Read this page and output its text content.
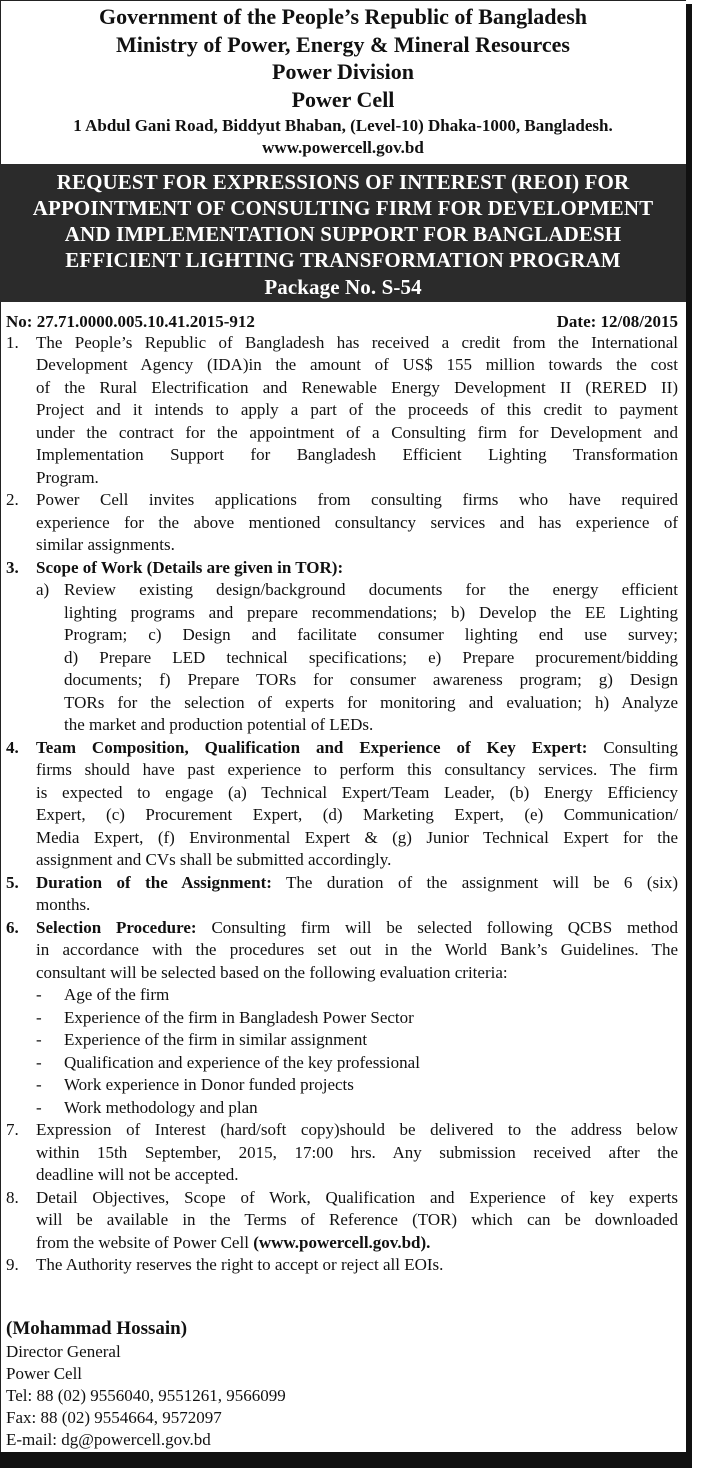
Government of the People’s Republic of Bangladesh
Ministry of Power, Energy & Mineral Resources
Power Division
Power Cell
1 Abdul Gani Road, Biddyut Bhaban, (Level-10) Dhaka-1000, Bangladesh.
www.powercell.gov.bd
REQUEST FOR EXPRESSIONS OF INTEREST (REOI) FOR
APPOINTMENT OF CONSULTING FIRM FOR DEVELOPMENT
AND IMPLEMENTATION SUPPORT FOR BANGLADESH
EFFICIENT LIGHTING TRANSFORMATION PROGRAM
Package No. S-54
No: 27.71.0000.005.10.41.2015-912	Date: 12/08/2015
1. The People’s Republic of Bangladesh has received a credit from the International
Development Agency (IDA)in the amount of US$ 155 million towards the cost
of the Rural Electrification and Renewable Energy Development II (RERED II)
Project and it intends to apply a part of the proceeds of this credit to payment
under the contract for the appointment of a Consulting firm for Development and
Implementation Support for Bangladesh Efficient Lighting Transformation
Program.
2. Power Cell invites applications from consulting firms who have required
experience for the above mentioned consultancy services and has experience of
similar assignments.
3. Scope of Work (Details are given in TOR):
a) Review existing design/background documents for the energy efficient
lighting programs and prepare recommendations; b) Develop the EE Lighting
Program; c) Design and facilitate consumer lighting end use survey;
d) Prepare LED technical specifications; e) Prepare procurement/bidding
documents; f) Prepare TORs for consumer awareness program; g) Design
TORs for the selection of experts for monitoring and evaluation; h) Analyze
the market and production potential of LEDs.
4. Team Composition, Qualification and Experience of Key Expert: Consulting
firms should have past experience to perform this consultancy services. The firm
is expected to engage (a) Technical Expert/Team Leader, (b) Energy Efficiency
Expert, (c) Procurement Expert, (d) Marketing Expert, (e) Communication/
Media Expert, (f) Environmental Expert & (g) Junior Technical Expert for the
assignment and CVs shall be submitted accordingly.
5. Duration of the Assignment: The duration of the assignment will be 6 (six)
months.
6. Selection Procedure: Consulting firm will be selected following QCBS method
in accordance with the procedures set out in the World Bank’s Guidelines. The
consultant will be selected based on the following evaluation criteria:
- Age of the firm
- Experience of the firm in Bangladesh Power Sector
- Experience of the firm in similar assignment
- Qualification and experience of the key professional
- Work experience in Donor funded projects
- Work methodology and plan
7. Expression of Interest (hard/soft copy)should be delivered to the address below
within 15th September, 2015, 17:00 hrs. Any submission received after the
deadline will not be accepted.
8. Detail Objectives, Scope of Work, Qualification and Experience of key experts
will be available in the Terms of Reference (TOR) which can be downloaded
from the website of Power Cell (www.powercell.gov.bd).
9. The Authority reserves the right to accept or reject all EOIs.
(Mohammad Hossain)
Director General
Power Cell
Tel: 88 (02) 9556040, 9551261, 9566099
Fax: 88 (02) 9554664, 9572097
E-mail: dg@powercell.gov.bd
